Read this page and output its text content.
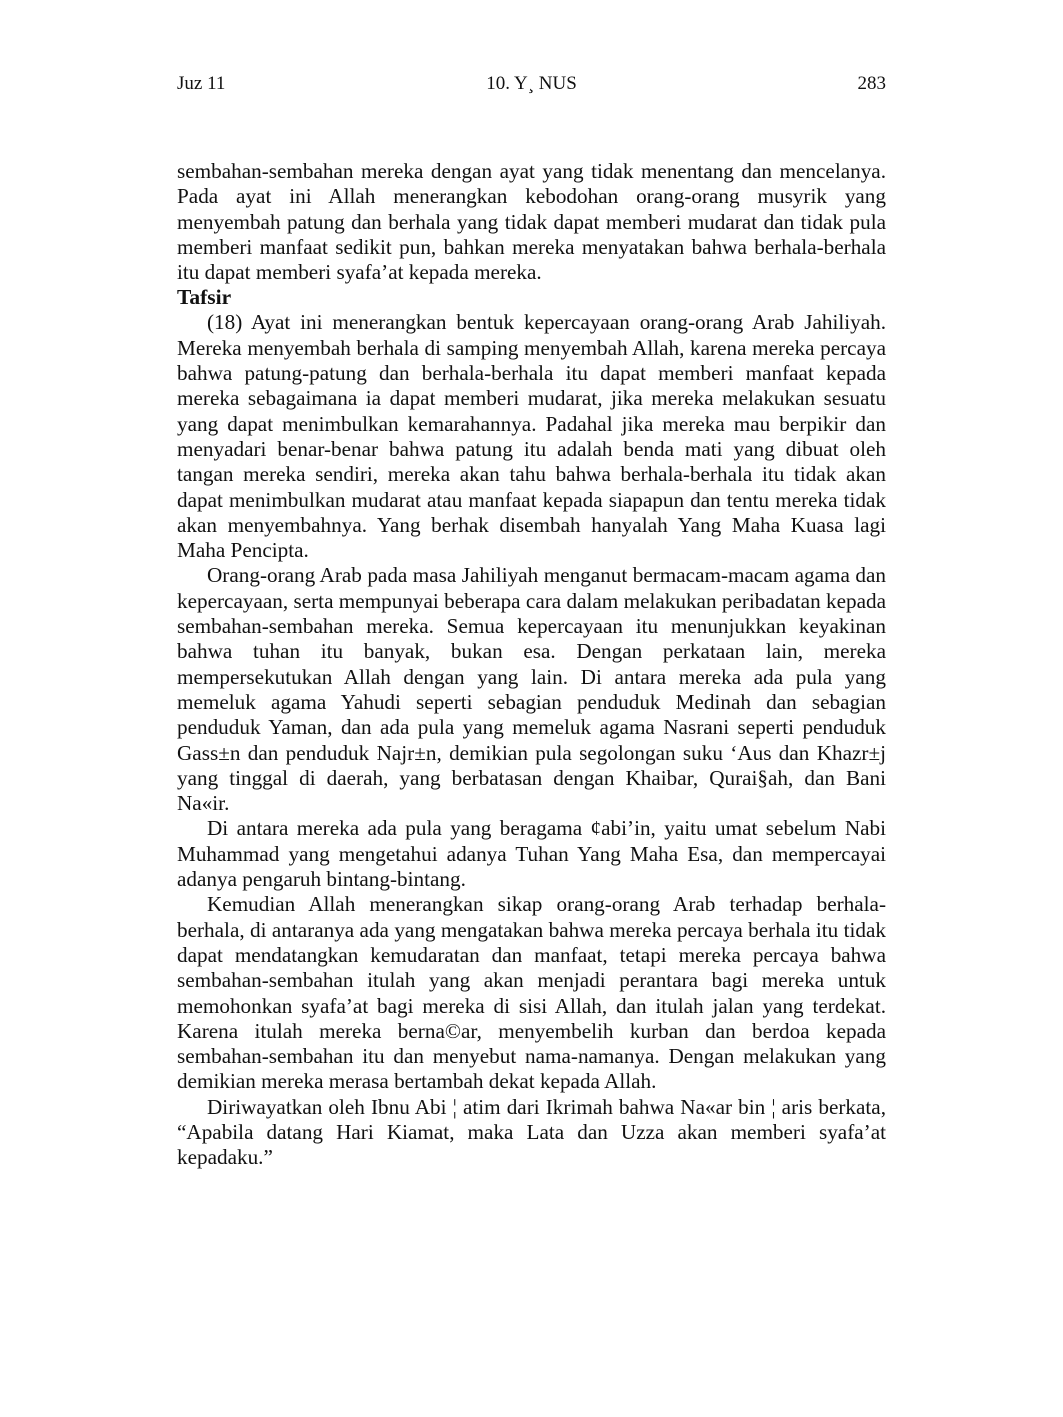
Juz 11	10. Y¸ NUS	283

sembahan-sembahan mereka dengan ayat yang tidak menentang dan mencelanya. Pada ayat ini Allah menerangkan kebodohan orang-orang musyrik yang menyembah patung dan berhala yang tidak dapat memberi mudarat dan tidak pula memberi manfaat sedikit pun, bahkan mereka menyatakan bahwa berhala-berhala itu dapat memberi syafa’at kepada mereka.

Tafsir

(18) Ayat ini menerangkan bentuk kepercayaan orang-orang Arab Jahiliyah. Mereka menyembah berhala di samping menyembah Allah, karena mereka percaya bahwa patung-patung dan berhala-berhala itu dapat memberi manfaat kepada mereka sebagaimana ia dapat memberi mudarat, jika mereka melakukan sesuatu yang dapat menimbulkan kemarahannya. Padahal jika mereka mau berpikir dan menyadari benar-benar bahwa patung itu adalah benda mati yang dibuat oleh tangan mereka sendiri, mereka akan tahu bahwa berhala-berhala itu tidak akan dapat menimbulkan mudarat atau manfaat kepada siapapun dan tentu mereka tidak akan menyembahnya. Yang berhak disembah hanyalah Yang Maha Kuasa lagi Maha Pencipta.

Orang-orang Arab pada masa Jahiliyah menganut bermacam-macam agama dan kepercayaan, serta mempunyai beberapa cara dalam melakukan peribadatan kepada sembahan-sembahan mereka. Semua kepercayaan itu menunjukkan keyakinan bahwa tuhan itu banyak, bukan esa. Dengan perkataan lain, mereka mempersekutukan Allah dengan yang lain. Di antara mereka ada pula yang memeluk agama Yahudi seperti sebagian penduduk Medinah dan sebagian penduduk Yaman, dan ada pula yang memeluk agama Nasrani seperti penduduk Gass±n dan penduduk Najr±n, demikian pula segolongan suku ‘Aus dan Khazr±j yang tinggal di daerah, yang berbatasan dengan Khaibar, Qurai§ah, dan Bani Na«ir.

Di antara mereka ada pula yang beragama ¢abi’in, yaitu umat sebelum Nabi Muhammad yang mengetahui adanya Tuhan Yang Maha Esa, dan mempercayai adanya pengaruh bintang-bintang.

Kemudian Allah menerangkan sikap orang-orang Arab terhadap berhala-berhala, di antaranya ada yang mengatakan bahwa mereka percaya berhala itu tidak dapat mendatangkan kemudaratan dan manfaat, tetapi mereka percaya bahwa sembahan-sembahan itulah yang akan menjadi perantara bagi mereka untuk memohonkan syafa’at bagi mereka di sisi Allah, dan itulah jalan yang terdekat. Karena itulah mereka berna©ar, menyembelih kurban dan berdoa kepada sembahan-sembahan itu dan menyebut nama-namanya. Dengan melakukan yang demikian mereka merasa bertambah dekat kepada Allah.

Diriwayatkan oleh Ibnu Abi ¦ atim dari Ikrimah bahwa Na«ar bin ¦ aris berkata, “Apabila datang Hari Kiamat, maka Lata dan Uzza akan memberi syafa’at kepadaku.”
